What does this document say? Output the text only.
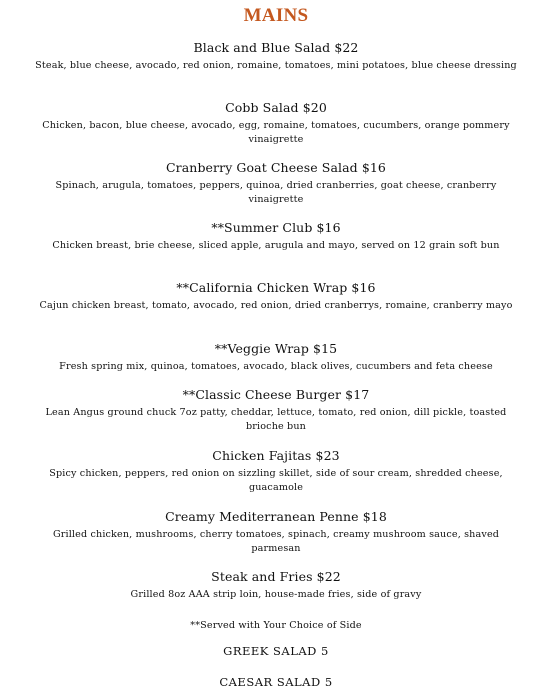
MAINS
Black and Blue Salad $22
Steak, blue cheese, avocado, red onion, romaine, tomatoes, mini potatoes, blue cheese dressing
Cobb Salad $20
Chicken, bacon, blue cheese, avocado, egg, romaine, tomatoes, cucumbers, orange pommery vinaigrette
Cranberry Goat Cheese Salad $16
Spinach, arugula, tomatoes, peppers, quinoa, dried cranberries, goat cheese, cranberry vinaigrette
**Summer Club $16
Chicken breast, brie cheese, sliced apple, arugula and mayo, served on 12 grain soft bun
**California Chicken Wrap $16
Cajun chicken breast, tomato, avocado, red onion, dried cranberrys, romaine, cranberry mayo
**Veggie Wrap $15
Fresh spring mix, quinoa, tomatoes, avocado, black olives, cucumbers and feta cheese
**Classic Cheese Burger $17
Lean Angus ground chuck 7oz patty, cheddar, lettuce, tomato, red onion, dill pickle, toasted brioche bun
Chicken Fajitas $23
Spicy chicken, peppers, red onion on sizzling skillet, side of sour cream, shredded cheese, guacamole
Creamy Mediterranean Penne $18
Grilled chicken, mushrooms, cherry tomatoes, spinach, creamy mushroom sauce, shaved parmesan
Steak and Fries $22
Grilled 8oz AAA strip loin, house-made fries, side of gravy
**Served with Your Choice of Side
GREEK SALAD 5
CAESAR SALAD 5
